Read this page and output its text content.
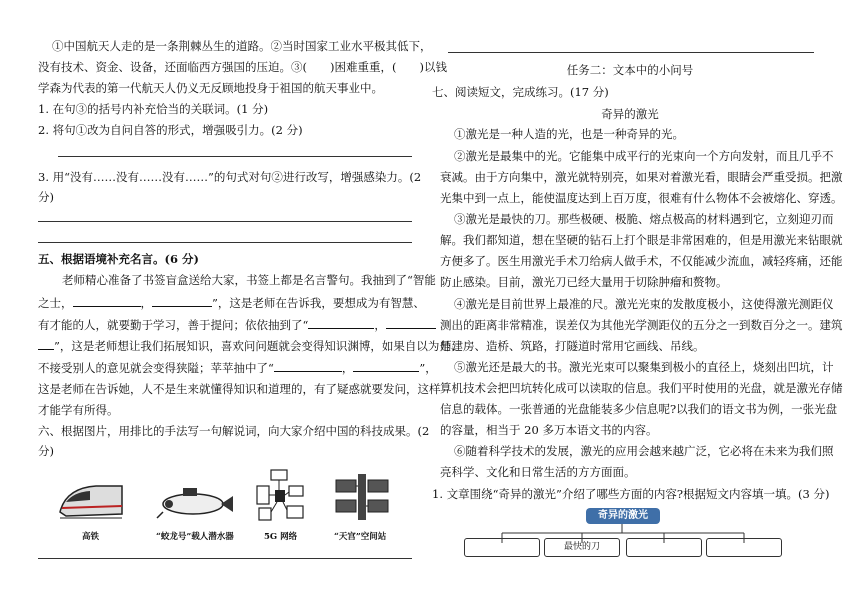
①中国航天人走的是一条荆棘丛生的道路。②当时国家工业水平极其低下，
没有技术、资金、设备，还面临西方强国的压迫。③(　　)困难重重，(　　)以钱
学森为代表的第一代航天人仍义无反顾地投身于祖国的航天事业中。
1. 在句③的括号内补充恰当的关联词。(1 分)
2. 将句①改为自问自答的形式，增强吸引力。(2 分)
3. 用“没有……没有……没有……”的句式对句②进行改写，增强感染力。(2
分)
五、根据语境补充名言。(6 分)
老师精心准备了书签盲盒送给大家，书签上都是名言警句。我抽到了“智能
之士，	，	”，这是老师在告诉我，要想成为有智慧、
有才能的人，就要勤于学习，善于提问；依依抽到了“	，
”，这是老师想让我们拓展知识，喜欢问问题就会变得知识渊博，如果自以为是、
不接受别人的意见就会变得狭隘；苹苹抽中了“	，	”，
这是老师在告诉她，人不是生来就懂得知识和道理的，有了疑惑就要发问，这样
才能学有所得。
六、根据图片，用排比的手法写一句解说词，向大家介绍中国的科技成果。(2
分)
高铁	“蛟龙号”载人潜水器	5G 网络	“天宫”空间站
任务二：文本中的小问号
七、阅读短文，完成练习。(17 分)
奇异的激光
①激光是一种人造的光，也是一种奇异的光。
②激光是最集中的光。它能集中成平行的光束向一个方向发射，而且几乎不
衰减。由于方向集中，激光就特别亮，如果对着激光看，眼睛会严重受损。把激
光集中到一点上，能使温度达到上百万度，很难有什么物体不会被熔化、穿透。
③激光是最快的刀。那些极硬、极脆、熔点极高的材料遇到它，立刻迎刃而
解。我们都知道，想在坚硬的钻石上打个眼是非常困难的，但是用激光来钻眼就
方便多了。医生用激光手术刀给病人做手术，不仅能减少流血，减轻疼痛，还能
防止感染。目前，激光刀已经大量用于切除肿瘤和赘物。
④激光是目前世界上最准的尺。激光光束的发散度极小，这使得激光测距仪
测出的距离非常精准，误差仅为其他光学测距仪的五分之一到数百分之一。建筑
师建房、造桥、筑路，打隧道时常用它画线、吊线。
⑤激光还是最大的书。激光光束可以聚集到极小的直径上，烧刻出凹坑，计
算机技术会把凹坑转化成可以读取的信息。我们平时使用的光盘，就是激光存储
信息的载体。一张普通的光盘能装多少信息呢?以我们的语文书为例，一张光盘
的容量，相当于 20 多万本语文书的内容。
⑥随着科学技术的发展，激光的应用会越来越广泛，它必将在未来为我们照
亮科学、文化和日常生活的方方面面。
1. 文章围绕“奇异的激光”介绍了哪些方面的内容?根据短文内容填一填。(3 分)
奇异的激光
最快的刀
